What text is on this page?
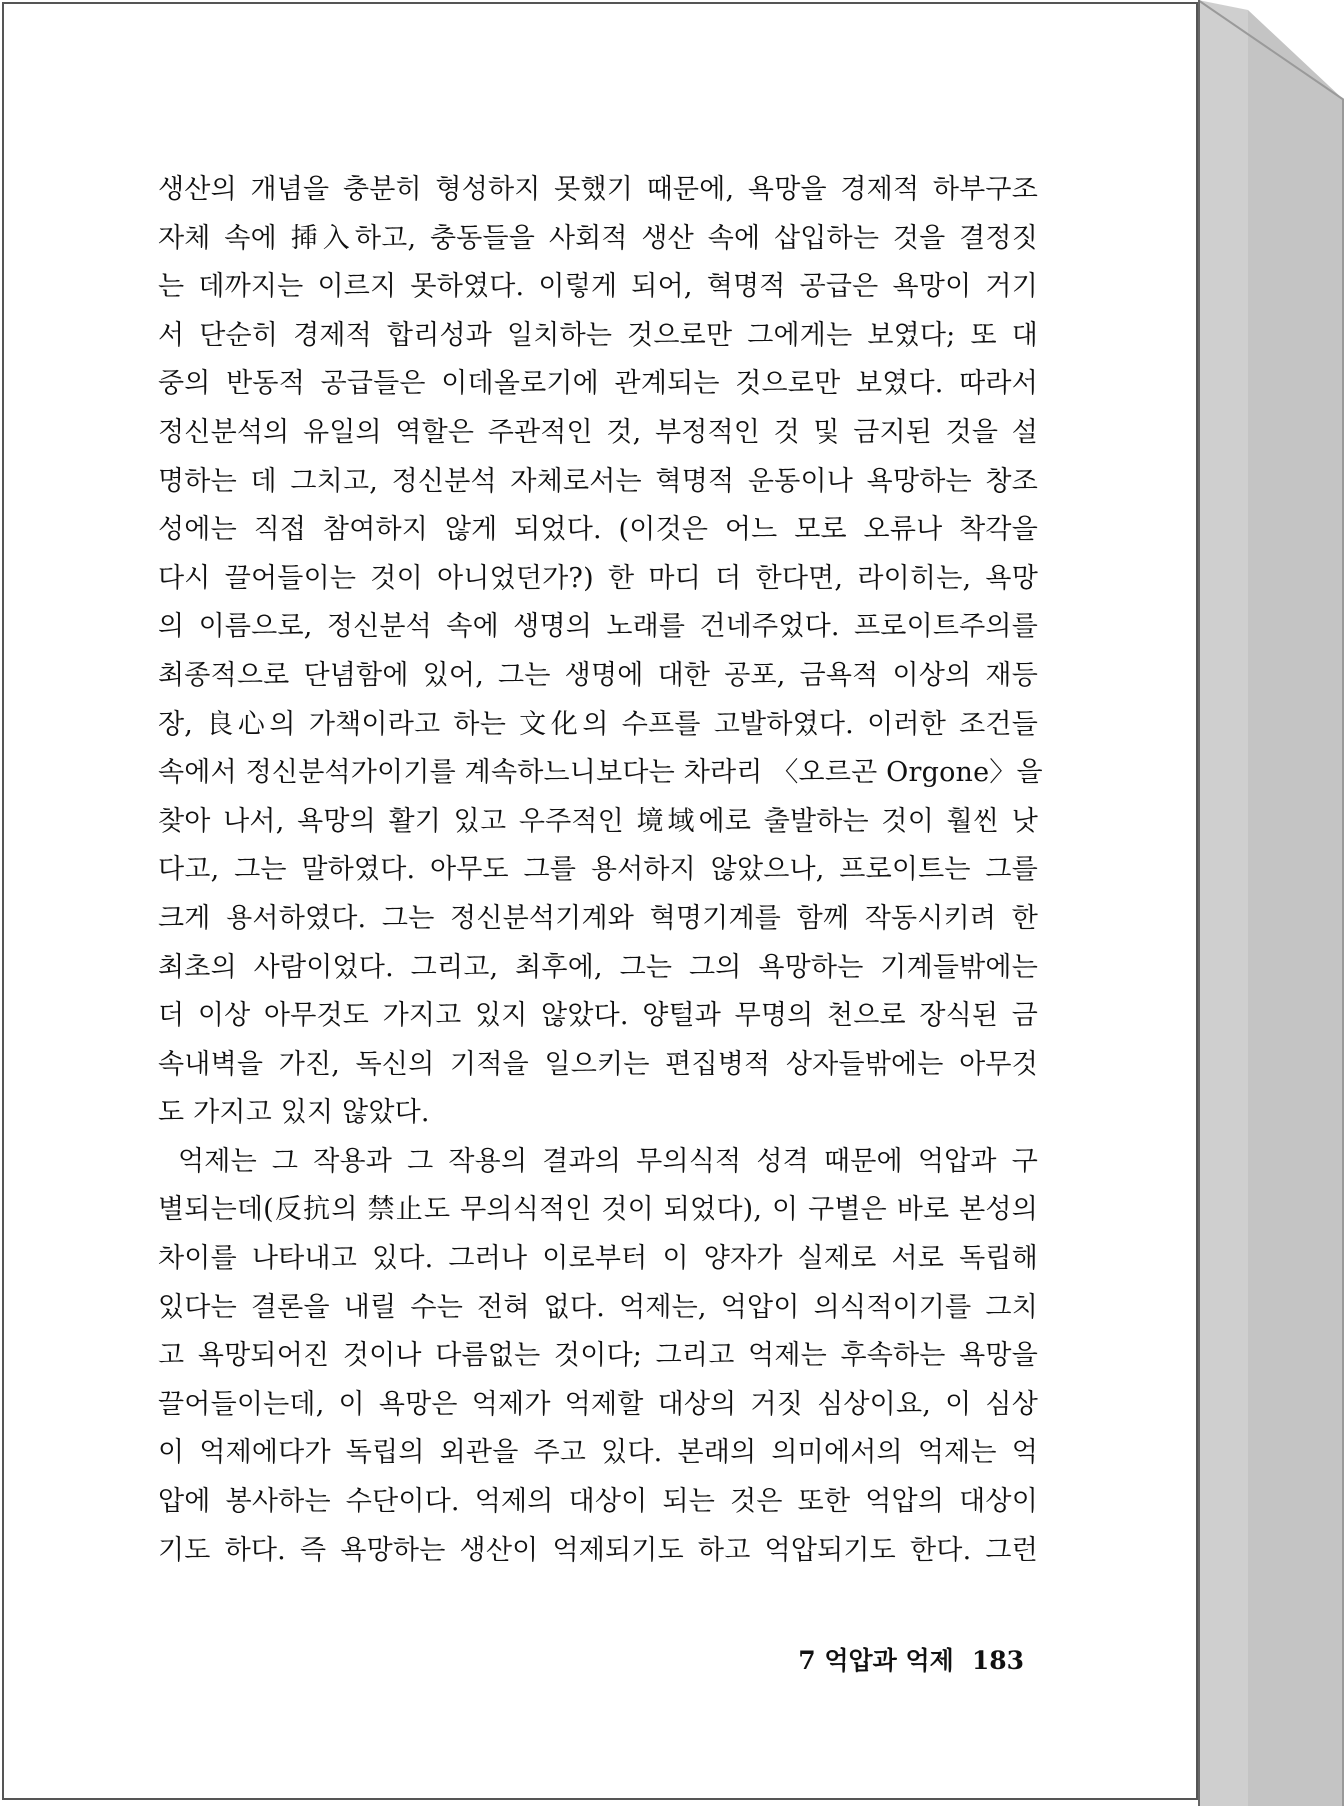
생산의 개념을 충분히 형성하지 못했기 때문에, 욕망을 경제적 하부구조
자체 속에 揷入하고, 충동들을 사회적 생산 속에 삽입하는 것을 결정짓
는 데까지는 이르지 못하였다. 이렇게 되어, 혁명적 공급은 욕망이 거기
서 단순히 경제적 합리성과 일치하는 것으로만 그에게는 보였다; 또 대
중의 반동적 공급들은 이데올로기에 관계되는 것으로만 보였다. 따라서
정신분석의 유일의 역할은 주관적인 것, 부정적인 것 및 금지된 것을 설
명하는 데 그치고, 정신분석 자체로서는 혁명적 운동이나 욕망하는 창조
성에는 직접 참여하지 않게 되었다. (이것은 어느 모로 오류나 착각을
다시 끌어들이는 것이 아니었던가?) 한 마디 더 한다면, 라이히는, 욕망
의 이름으로, 정신분석 속에 생명의 노래를 건네주었다. 프로이트주의를
최종적으로 단념함에 있어, 그는 생명에 대한 공포, 금욕적 이상의 재등
장, 良心의 가책이라고 하는 文化의 수프를 고발하였다. 이러한 조건들
속에서 정신분석가이기를 계속하느니보다는 차라리 〈오르곤 Orgone〉을
찾아 나서, 욕망의 활기 있고 우주적인 境域에로 출발하는 것이 훨씬 낫
다고, 그는 말하였다. 아무도 그를 용서하지 않았으나, 프로이트는 그를
크게 용서하였다. 그는 정신분석기계와 혁명기계를 함께 작동시키려 한
최초의 사람이었다. 그리고, 최후에, 그는 그의 욕망하는 기계들밖에는
더 이상 아무것도 가지고 있지 않았다. 양털과 무명의 천으로 장식된 금
속내벽을 가진, 독신의 기적을 일으키는 편집병적 상자들밖에는 아무것
도 가지고 있지 않았다.
억제는 그 작용과 그 작용의 결과의 무의식적 성격 때문에 억압과 구
별되는데(反抗의 禁止도 무의식적인 것이 되었다), 이 구별은 바로 본성의
차이를 나타내고 있다. 그러나 이로부터 이 양자가 실제로 서로 독립해
있다는 결론을 내릴 수는 전혀 없다. 억제는, 억압이 의식적이기를 그치
고 욕망되어진 것이나 다름없는 것이다; 그리고 억제는 후속하는 욕망을
끌어들이는데, 이 욕망은 억제가 억제할 대상의 거짓 심상이요, 이 심상
이 억제에다가 독립의 외관을 주고 있다. 본래의 의미에서의 억제는 억
압에 봉사하는 수단이다. 억제의 대상이 되는 것은 또한 억압의 대상이
기도 하다. 즉 욕망하는 생산이 억제되기도 하고 억압되기도 한다. 그런
7 억압과 억제 183
